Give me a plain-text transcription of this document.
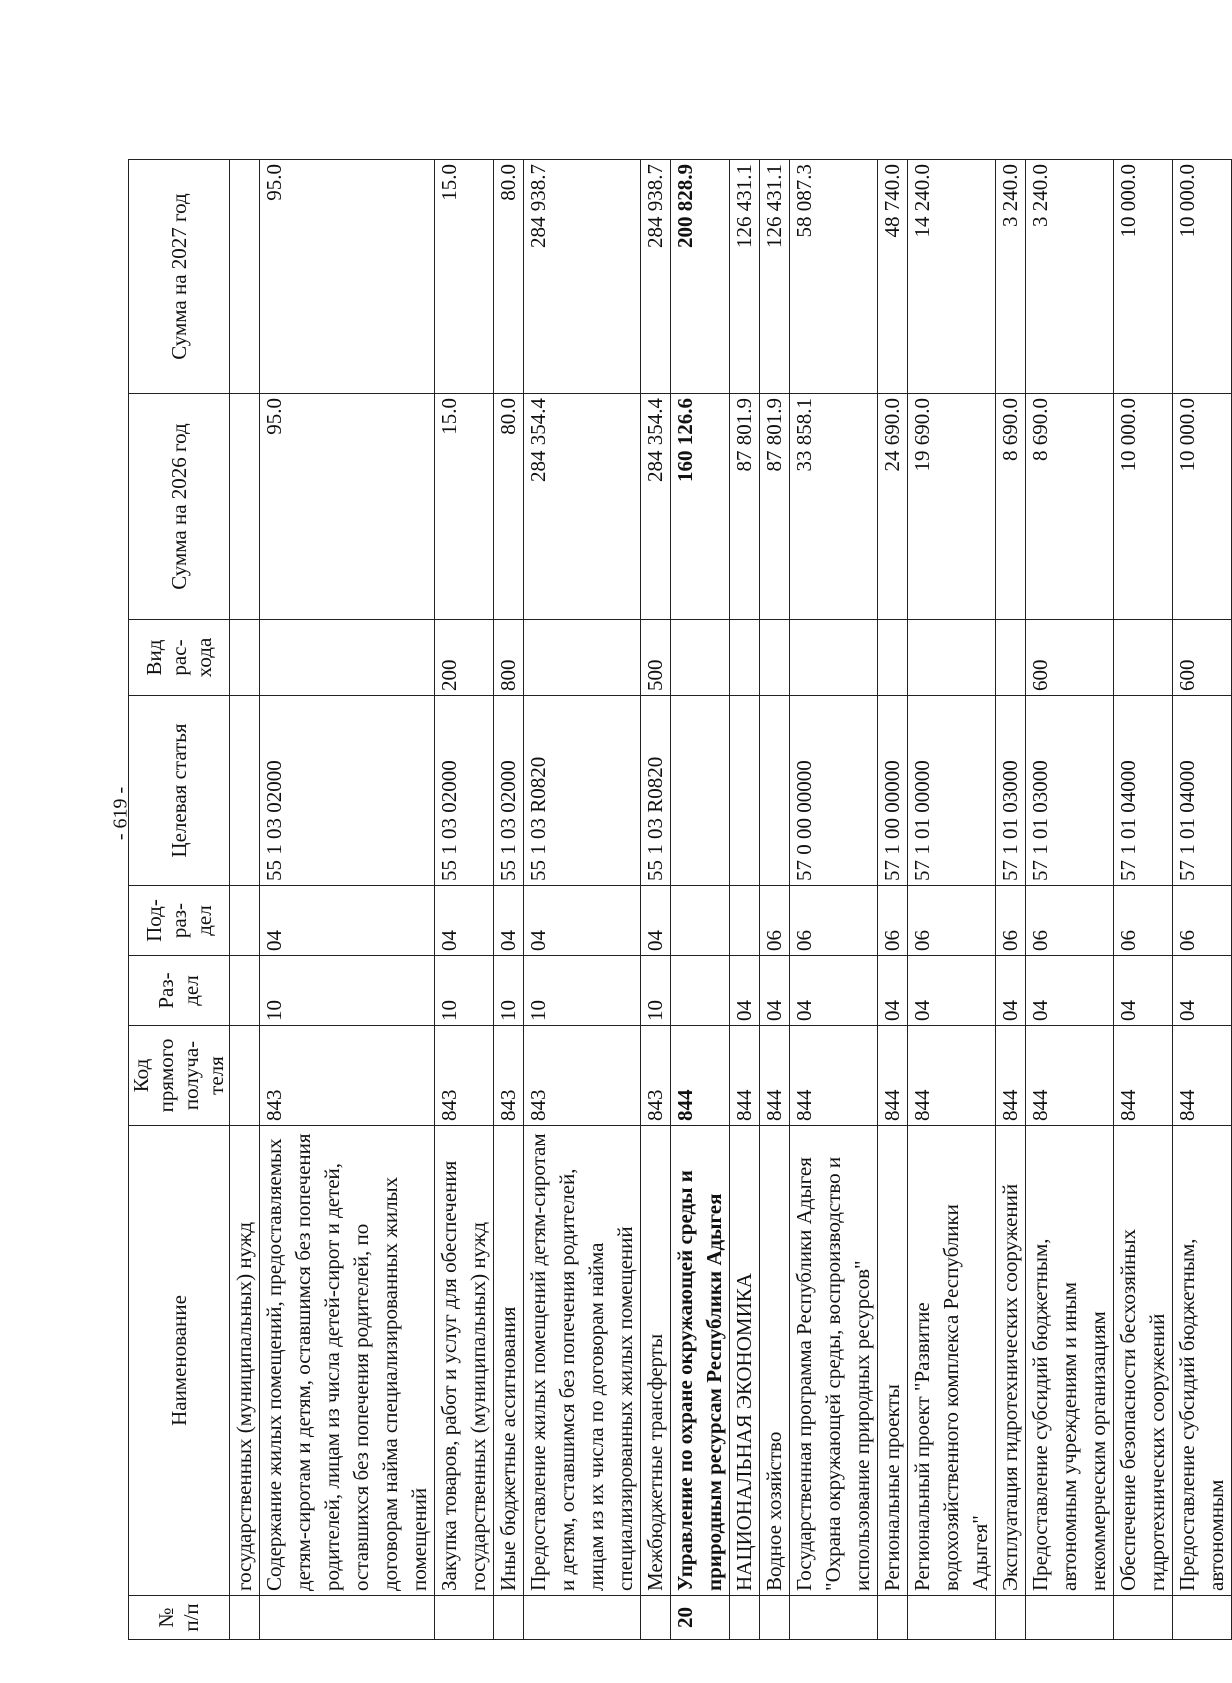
- 619 -
№ п/п	Наименование	Код прямого получа-теля	Раз-дел	Под-раз-дел	Целевая статья	Вид рас-хода	Сумма на 2026 год	Сумма на 2027 год
	государственных (муниципальных) нужд							
	Содержание жилых помещений, предоставляемых детям-сиротам и детям, оставшимся без попечения родителей, лицам из числа детей-сирот и детей, оставшихся без попечения родителей, по договорам найма специализированных жилых помещений	843	10	04	55 1 03 02000		95.0	95.0
	Закупка товаров, работ и услуг для обеспечения государственных (муниципальных) нужд	843	10	04	55 1 03 02000	200	15.0	15.0
	Иные бюджетные ассигнования	843	10	04	55 1 03 02000	800	80.0	80.0
	Предоставление жилых помещений детям-сиротам и детям, оставшимся без попечения родителей, лицам из их числа по договорам найма специализированных жилых помещений	843	10	04	55 1 03 R0820		284 354.4	284 938.7
	Межбюджетные трансферты	843	10	04	55 1 03 R0820	500	284 354.4	284 938.7
20	Управление по охране окружающей среды и природным ресурсам Республики Адыгея	844					160 126.6	200 828.9
	НАЦИОНАЛЬНАЯ ЭКОНОМИКА	844	04				87 801.9	126 431.1
	Водное хозяйство	844	04	06			87 801.9	126 431.1
	Государственная программа Республики Адыгея "Охрана окружающей среды, воспроизводство и использование природных ресурсов"	844	04	06	57 0 00 00000		33 858.1	58 087.3
	Региональные проекты	844	04	06	57 1 00 00000		24 690.0	48 740.0
	Региональный проект "Развитие водохозяйственного комплекса Республики Адыгея"	844	04	06	57 1 01 00000		19 690.0	14 240.0
	Эксплуатация гидротехнических сооружений	844	04	06	57 1 01 03000		8 690.0	3 240.0
	Предоставление субсидий бюджетным, автономным учреждениям и иным некоммерческим организациям	844	04	06	57 1 01 03000	600	8 690.0	3 240.0
	Обеспечение безопасности бесхозяйных гидротехнических сооружений	844	04	06	57 1 01 04000		10 000.0	10 000.0
	Предоставление субсидий бюджетным, автономным	844	04	06	57 1 01 04000	600	10 000.0	10 000.0
